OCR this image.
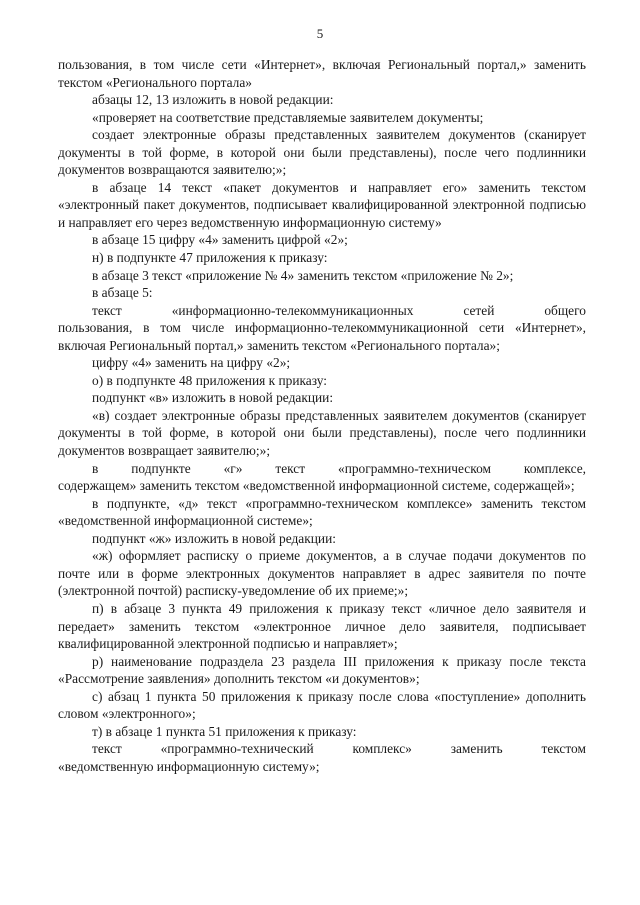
5

пользования, в том числе сети «Интернет», включая Региональный портал,» заменить текстом «Регионального портала»

абзацы 12, 13 изложить в новой редакции:

«проверяет на соответствие представляемые заявителем документы;

создает электронные образы представленных заявителем документов (сканирует документы в той форме, в которой они были представлены), после чего подлинники документов возвращаются заявителю;»;

в абзаце 14 текст «пакет документов и направляет его» заменить текстом «электронный пакет документов, подписывает квалифицированной электронной подписью и направляет его через ведомственную информационную систему»

в абзаце 15 цифру «4» заменить цифрой «2»;

н) в подпункте 47 приложения к приказу:

в абзаце 3 текст «приложение № 4» заменить текстом «приложение № 2»;

в абзаце 5:

текст	«информационно-телекоммуникационных	сетей	общего

пользования, в том числе информационно-телекоммуникационной сети «Интернет», включая Региональный портал,» заменить текстом «Регионального портала»;

цифру «4» заменить на цифру «2»;

о) в подпункте 48 приложения к приказу:

подпункт «в» изложить в новой редакции:

«в) создает электронные образы представленных заявителем документов (сканирует документы в той форме, в которой они были представлены), после чего подлинники документов возвращает заявителю;»;

в подпункте «г» текст «программно-техническом комплексе,

содержащем» заменить текстом «ведомственной информационной системе, содержащей»;

в подпункте, «д» текст «программно-техническом комплексе» заменить текстом «ведомственной информационной системе»;

подпункт «ж» изложить в новой редакции:

«ж) оформляет расписку о приеме документов, а в случае подачи документов по почте или в форме электронных документов направляет в адрес заявителя по почте (электронной почтой) расписку-уведомление об их приеме;»;

п) в абзаце 3 пункта 49 приложения к приказу текст «личное дело заявителя и передает» заменить текстом «электронное личное дело заявителя, подписывает квалифицированной электронной подписью и направляет»;

р) наименование подраздела 23 раздела III приложения к приказу после текста «Рассмотрение заявления» дополнить текстом «и документов»;

с) абзац 1 пункта 50 приложения к приказу после слова «поступление» дополнить словом «электронного»;

т) в абзаце 1 пункта 51 приложения к приказу:

текст	«программно-технический	комплекс»	заменить	текстом

«ведомственную информационную систему»;
